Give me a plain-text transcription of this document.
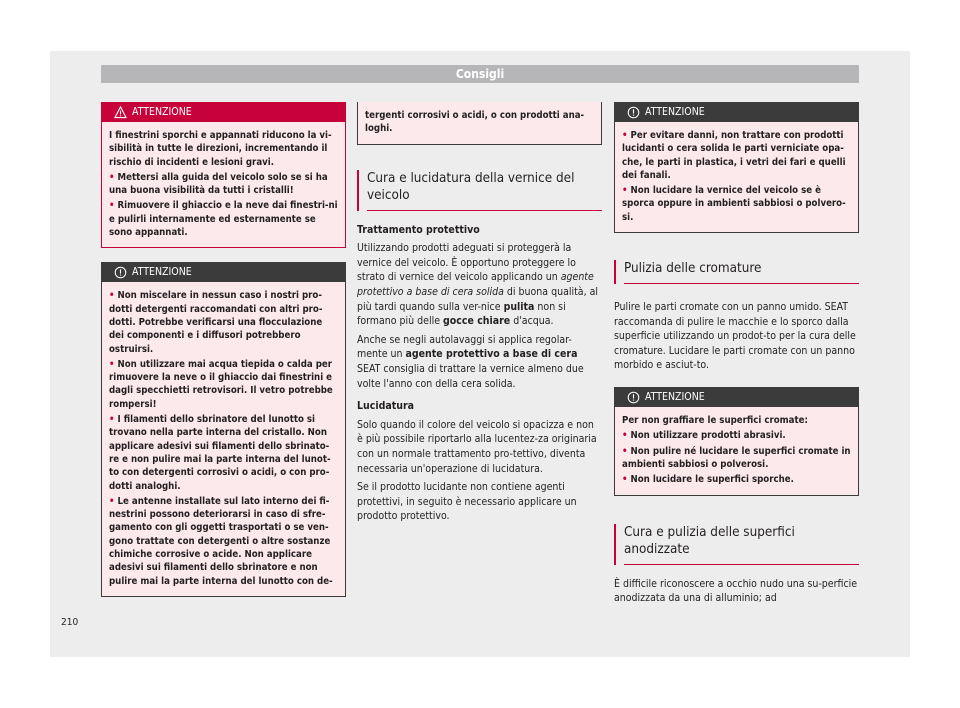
Consigli
ATTENZIONE

I finestrini sporchi e appannati riducono la vi-sibilità in tutte le direzioni, incrementando il rischio di incidenti e lesioni gravi.

• Mettersi alla guida del veicolo solo se si ha una buona visibilità da tutti i cristalli!

• Rimuovere il ghiaccio e la neve dai finestri-ni e pulirli internamente ed esternamente se sono appannati.

ATTENZIONE

• Non miscelare in nessun caso i nostri pro-dotti detergenti raccomandati con altri pro-dotti. Potrebbe verificarsi una flocculazione dei componenti e i diffusori potrebbero ostruirsi.

• Non utilizzare mai acqua tiepida o calda per rimuovere la neve o il ghiaccio dai finestrini e dagli specchietti retrovisori. Il vetro potrebbe rompersi!

• I filamenti dello sbrinatore del lunotto si trovano nella parte interna del cristallo. Non applicare adesivi sui filamenti dello sbrinato-re e non pulire mai la parte interna del lunot-to con detergenti corrosivi o acidi, o con pro-dotti analoghi.

• Le antenne installate sul lato interno dei fi-nestrini possono deteriorarsi in caso di sfre-gamento con gli oggetti trasportati o se ven-gono trattate con detergenti o altre sostanze chimiche corrosive o acide. Non applicare adesivi sui filamenti dello sbrinatore e non pulire mai la parte interna del lunotto con de-

tergenti corrosivi o acidi, o con prodotti ana-loghi.

Cura e lucidatura della vernice del veicolo

Trattamento protettivo

Utilizzando prodotti adeguati si proteggerà la vernice del veicolo. È opportuno proteggere lo strato di vernice del veicolo applicando un agente protettivo a base di cera solida di buona qualità, al più tardi quando sulla ver-nice pulita non si formano più delle gocce chiare d'acqua.

Anche se negli autolavaggi si applica regolar-mente un agente protettivo a base di cera SEAT consiglia di trattare la vernice almeno due volte l'anno con della cera solida.

Lucidatura

Solo quando il colore del veicolo si opacizza e non è più possibile riportarlo alla lucentez-za originaria con un normale trattamento pro-tettivo, diventa necessaria un'operazione di lucidatura.

Se il prodotto lucidante non contiene agenti protettivi, in seguito è necessario applicare un prodotto protettivo.

ATTENZIONE

• Per evitare danni, non trattare con prodotti lucidanti o cera solida le parti verniciate opa-che, le parti in plastica, i vetri dei fari e quelli dei fanali.

• Non lucidare la vernice del veicolo se è sporca oppure in ambienti sabbiosi o polvero-si.

Pulizia delle cromature

Pulire le parti cromate con un panno umido. SEAT raccomanda di pulire le macchie e lo sporco dalla superficie utilizzando un prodot-to per la cura delle cromature. Lucidare le parti cromate con un panno morbido e asciut-to.

ATTENZIONE

Per non graffiare le superfici cromate:

• Non utilizzare prodotti abrasivi.

• Non pulire né lucidare le superfici cromate in ambienti sabbiosi o polverosi.

• Non lucidare le superfici sporche.

Cura e pulizia delle superfici anodizzate

È difficile riconoscere a occhio nudo una su-perficie anodizzata da una di alluminio; ad

210
